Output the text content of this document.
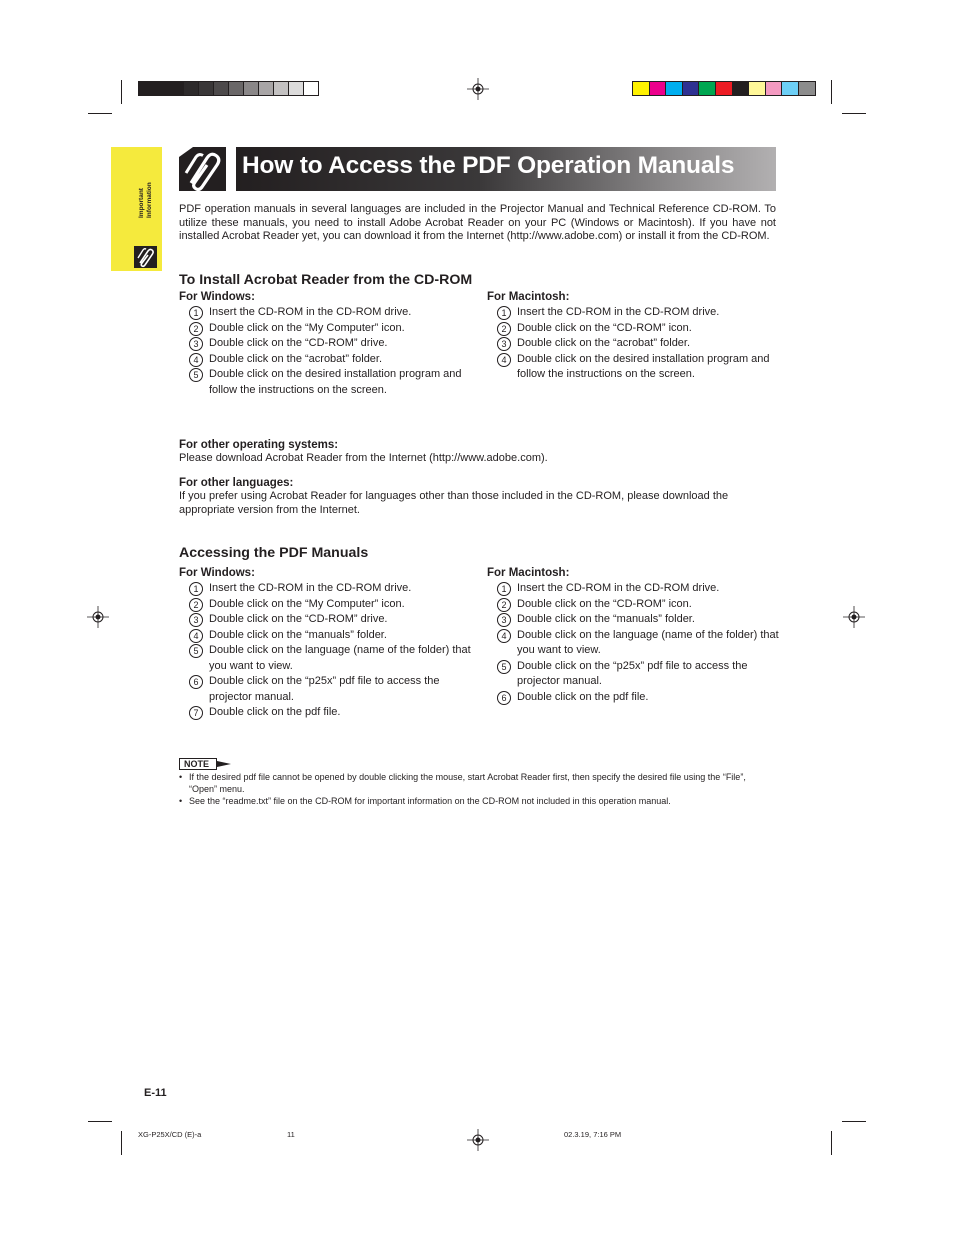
Important Information
How to Access the PDF Operation Manuals
PDF operation manuals in several languages are included in the Projector Manual and Technical Reference CD-ROM. To utilize these manuals, you need to install Adobe Acrobat Reader on your PC (Windows or Macintosh). If you have not installed Acrobat Reader yet, you can download it from the Internet (http://www.adobe.com) or install it from the CD-ROM.
To Install Acrobat Reader from the CD-ROM
For Windows:
1 Insert the CD-ROM in the CD-ROM drive.
2 Double click on the “My Computer” icon.
3 Double click on the “CD-ROM” drive.
4 Double click on the “acrobat” folder.
5 Double click on the desired installation program and follow the instructions on the screen.
For Macintosh:
1 Insert the CD-ROM in the CD-ROM drive.
2 Double click on the “CD-ROM” icon.
3 Double click on the “acrobat” folder.
4 Double click on the desired installation program and follow the instructions on the screen.
For other operating systems:
Please download Acrobat Reader from the Internet (http://www.adobe.com).
For other languages:
If you prefer using Acrobat Reader for languages other than those included in the CD-ROM, please download the appropriate version from the Internet.
Accessing the PDF Manuals
For Windows:
1 Insert the CD-ROM in the CD-ROM drive.
2 Double click on the “My Computer” icon.
3 Double click on the “CD-ROM” drive.
4 Double click on the “manuals” folder.
5 Double click on the language (name of the folder) that you want to view.
6 Double click on the “p25x” pdf file to access the projector manual.
7 Double click on the pdf file.
For Macintosh:
1 Insert the CD-ROM in the CD-ROM drive.
2 Double click on the “CD-ROM” icon.
3 Double click on the “manuals” folder.
4 Double click on the language (name of the folder) that you want to view.
5 Double click on the “p25x” pdf file to access the projector manual.
6 Double click on the pdf file.
NOTE
• If the desired pdf file cannot be opened by double clicking the mouse, start Acrobat Reader first, then specify the desired file using the “File”, “Open” menu.
• See the “readme.txt” file on the CD-ROM for important information on the CD-ROM not included in this operation manual.
E-11
XG-P25X/CD (E)-a	11	02.3.19, 7:16 PM
